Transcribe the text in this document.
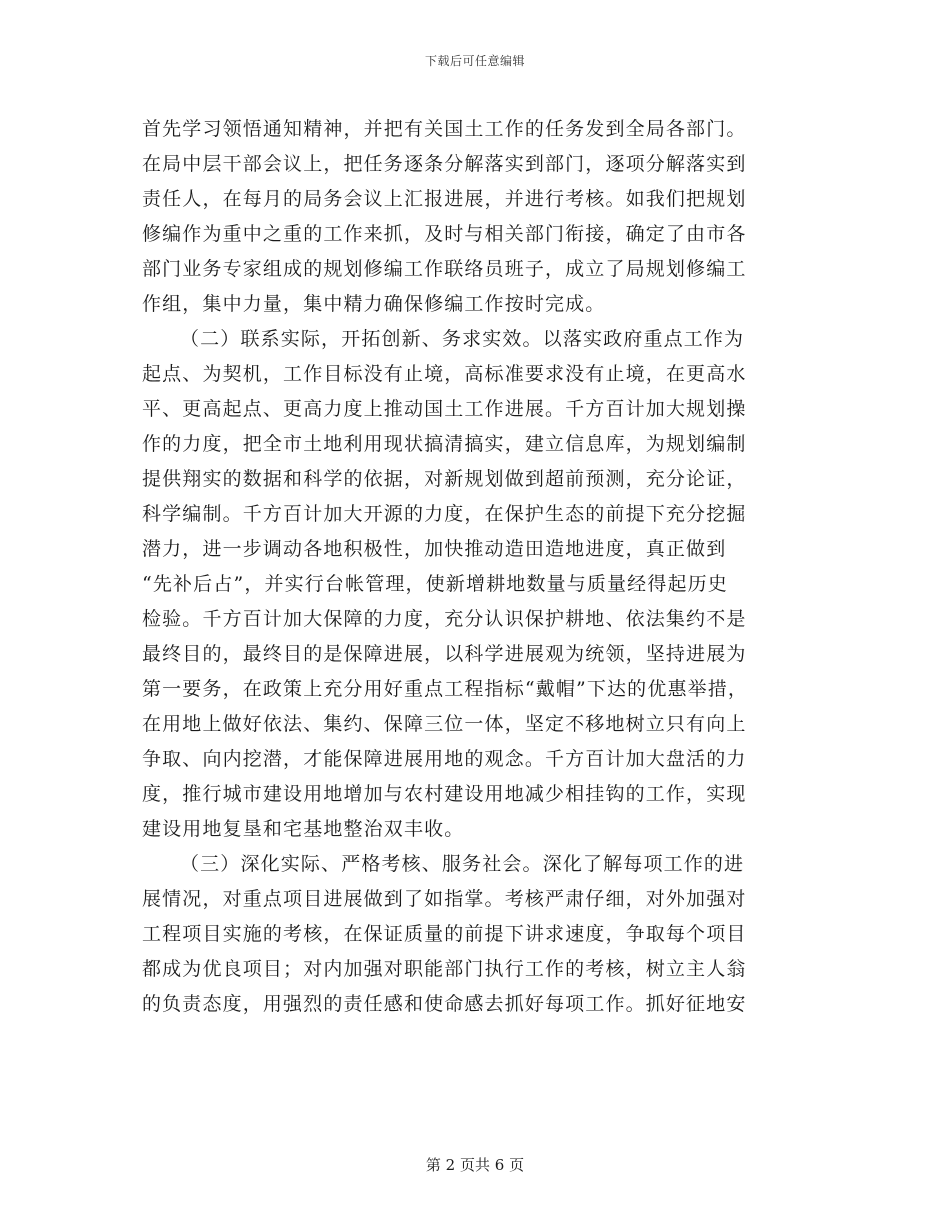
下载后可任意编辑
首先学习领悟通知精神，并把有关国土工作的任务发到全局各部门。
在局中层干部会议上，把任务逐条分解落实到部门，逐项分解落实到
责任人，在每月的局务会议上汇报进展，并进行考核。如我们把规划
修编作为重中之重的工作来抓，及时与相关部门衔接，确定了由市各
部门业务专家组成的规划修编工作联络员班子，成立了局规划修编工
作组，集中力量，集中精力确保修编工作按时完成。
（二）联系实际，开拓创新、务求实效。以落实政府重点工作为
起点、为契机，工作目标没有止境，高标准要求没有止境，在更高水
平、更高起点、更高力度上推动国土工作进展。千方百计加大规划操
作的力度，把全市土地利用现状搞清搞实，建立信息库，为规划编制
提供翔实的数据和科学的依据，对新规划做到超前预测，充分论证，
科学编制。千方百计加大开源的力度，在保护生态的前提下充分挖掘
潜力，进一步调动各地积极性，加快推动造田造地进度，真正做到
“先补后占”，并实行台帐管理，使新增耕地数量与质量经得起历史
检验。千方百计加大保障的力度，充分认识保护耕地、依法集约不是
最终目的，最终目的是保障进展，以科学进展观为统领，坚持进展为
第一要务，在政策上充分用好重点工程指标“戴帽”下达的优惠举措，
在用地上做好依法、集约、保障三位一体，坚定不移地树立只有向上
争取、向内挖潜，才能保障进展用地的观念。千方百计加大盘活的力
度，推行城市建设用地增加与农村建设用地减少相挂钩的工作，实现
建设用地复垦和宅基地整治双丰收。
（三）深化实际、严格考核、服务社会。深化了解每项工作的进
展情况，对重点项目进展做到了如指掌。考核严肃仔细，对外加强对
工程项目实施的考核，在保证质量的前提下讲求速度，争取每个项目
都成为优良项目；对内加强对职能部门执行工作的考核，树立主人翁
的负责态度，用强烈的责任感和使命感去抓好每项工作。抓好征地安
第 2 页共 6 页
